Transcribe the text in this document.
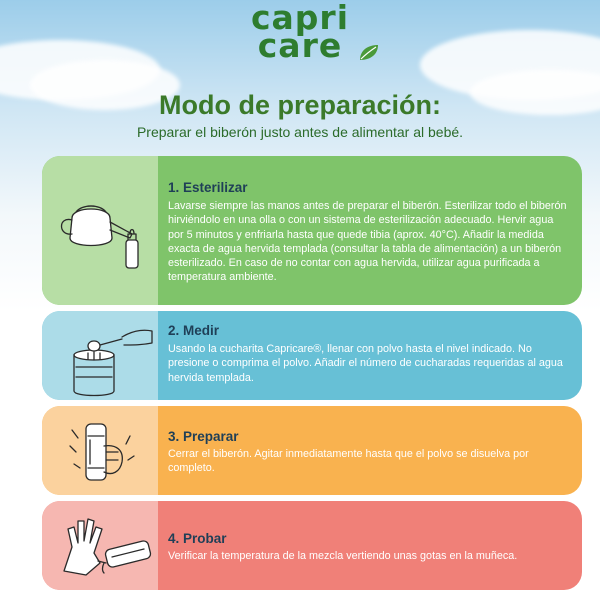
capri
care
Modo de preparación:
Preparar el biberón justo antes de alimentar al bebé.
1. Esterilizar
Lavarse siempre las manos antes de preparar el biberón. Esterilizar todo el biberón hirviéndolo en una olla o con un sistema de esterilización adecuado. Hervir agua por 5 minutos y enfriarla hasta que quede tibia (aprox. 40°C). Añadir la medida exacta de agua hervida templada (consultar la tabla de alimentación) a un biberón esterilizado. En caso de no contar con agua hervida, utilizar agua purificada a temperatura ambiente.
2. Medir
Usando la cucharita Capricare®, llenar con polvo hasta el nivel indicado. No presione o comprima el polvo. Añadir el número de cucharadas requeridas al agua hervida templada.
3. Preparar
Cerrar el biberón. Agitar inmediatamente hasta que el polvo se disuelva por completo.
4. Probar
Verificar la temperatura de la mezcla vertiendo unas gotas en la muñeca.
